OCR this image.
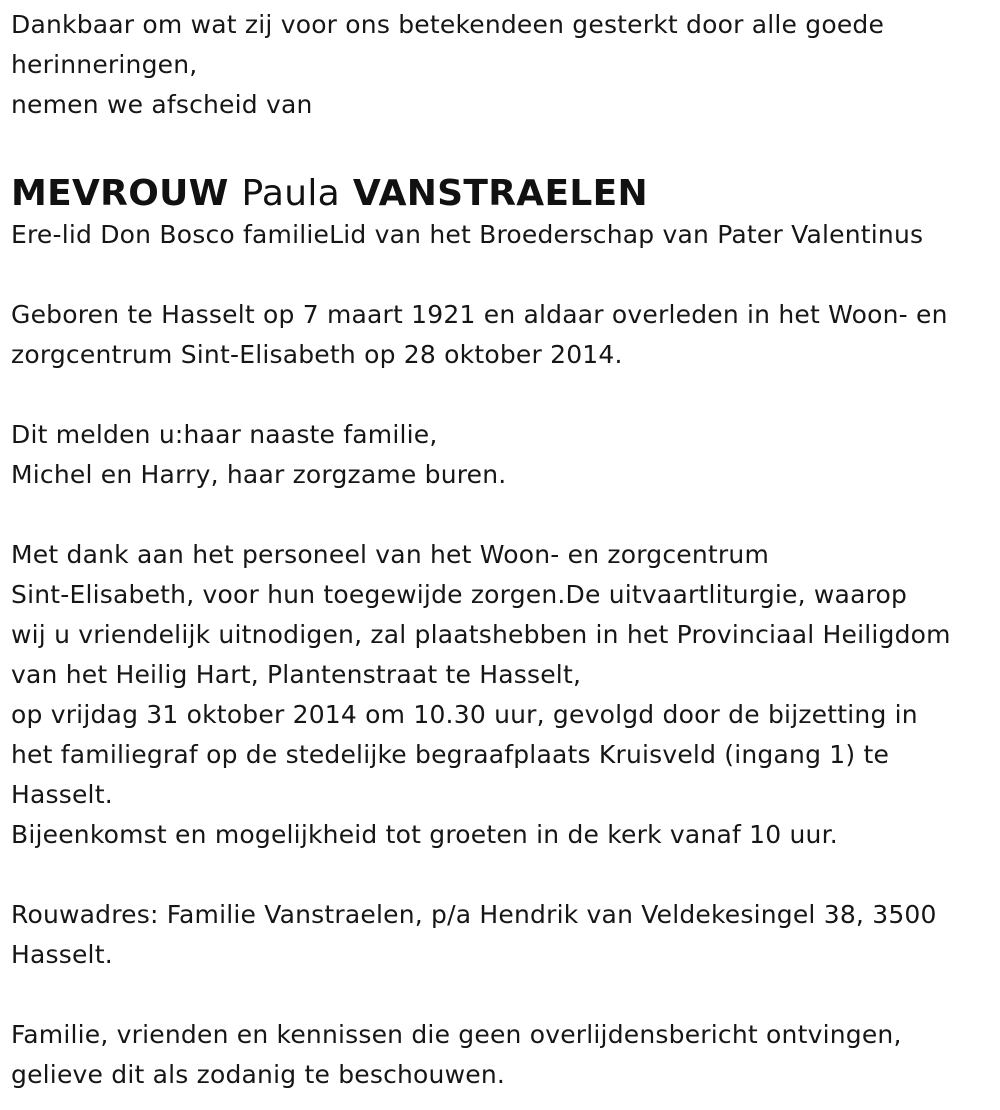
Dankbaar om wat zij voor ons betekendeen gesterkt door alle goede
herinneringen,
nemen we afscheid van
MEVROUW Paula VANSTRAELEN
Ere-lid Don Bosco familieLid van het Broederschap van Pater Valentinus
Geboren te Hasselt op 7 maart 1921 en aldaar overleden in het Woon- en
zorgcentrum Sint-Elisabeth op 28 oktober 2014.
Dit melden u:haar naaste familie,
Michel en Harry, haar zorgzame buren.
Met dank aan het personeel van het Woon- en zorgcentrum
Sint-Elisabeth, voor hun toegewijde zorgen.De uitvaartliturgie, waarop
wij u vriendelijk uitnodigen, zal plaatshebben in het Provinciaal Heiligdom
van het Heilig Hart, Plantenstraat te Hasselt,
op vrijdag 31 oktober 2014 om 10.30 uur, gevolgd door de bijzetting in
het familiegraf op de stedelijke begraafplaats Kruisveld (ingang 1) te
Hasselt.
Bijeenkomst en mogelijkheid tot groeten in de kerk vanaf 10 uur.
Rouwadres: Familie Vanstraelen, p/a Hendrik van Veldekesingel 38, 3500
Hasselt.
Familie, vrienden en kennissen die geen overlijdensbericht ontvingen,
gelieve dit als zodanig te beschouwen.
